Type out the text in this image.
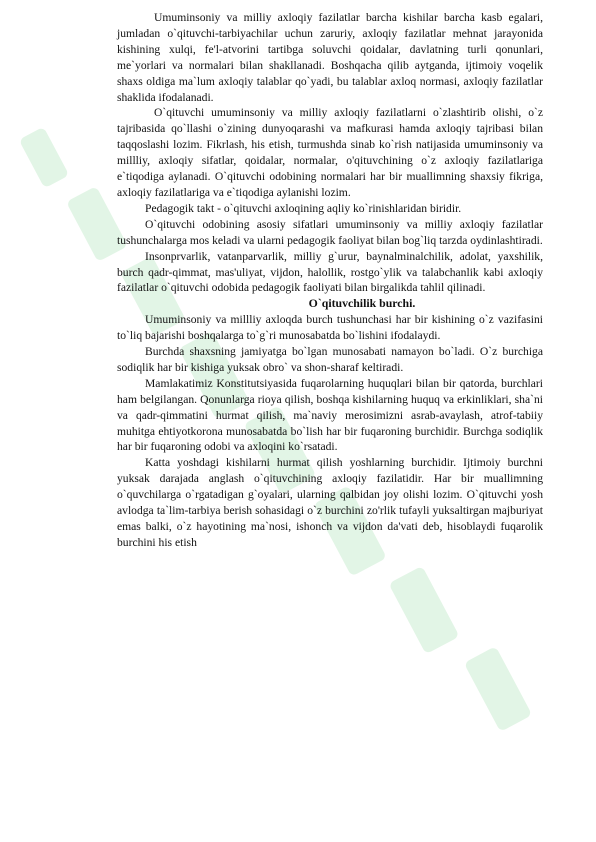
Umuminsoniy va milliy axloqiy fazilatlar barcha kishilar barcha kasb egalari, jumladan o`qituvchi-tarbiyachilar uchun zaruriy, axloqiy fazilatlar mehnat jarayonida kishining xulqi, fe'l-atvorini tartibga soluvchi qoidalar, davlatning turli qonunlari, me`yorlari va normalari bilan shakllanadi. Boshqacha qilib aytganda, ijtimoiy voqelik shaxs oldiga ma`lum axloqiy talablar qo`yadi, bu talablar axloq normasi, axloqiy fazilatlar shaklida ifodalanadi.

O`qituvchi umuminsoniy va milliy axloqiy fazilatlarni o`zlashtirib olishi, o`z tajribasida qo`llashi o`zining dunyoqarashi va mafkurasi hamda axloqiy tajribasi bilan taqqoslashi lozim. Fikrlash, his etish, turmushda sinab ko`rish natijasida umuminsoniy va millliy, axloqiy sifatlar, qoidalar, normalar, o'qituvchining o`z axloqiy fazilatlariga e`tiqodiga aylanadi. O`qituvchi odobining normalari har bir muallimning shaxsiy fikriga, axloqiy fazilatlariga va e`tiqodiga aylanishi lozim.

Pedagogik takt - o`qituvchi axloqining aqliy ko`rinishlaridan biridir.

O`qituvchi odobining asosiy sifatlari umuminsoniy va milliy axloqiy fazilatlar tushunchalarga mos keladi va ularni pedagogik faoliyat bilan bog`liq tarzda oydinlashtiradi.

Insonprvarlik, vatanparvarlik, milliy g`urur, baynalminalchilik, adolat, yaxshilik, burch qadr-qimmat, mas'uliyat, vijdon, halollik, rostgo`ylik va talabchanlik kabi axloqiy fazilatlar o`qituvchi odobida pedagogik faoliyati bilan birgalikda tahlil qilinadi.

O`qituvchilik burchi.

Umuminsoniy va millliy axloqda burch tushunchasi har bir kishining o`z vazifasini to`liq bajarishi boshqalarga to`g`ri munosabatda bo`lishini ifodalaydi.

Burchda shaxsning jamiyatga bo`lgan munosabati namayon bo`ladi. O`z burchiga sodiqlik har bir kishiga yuksak obro` va shon-sharaf keltiradi.

Mamlakatimiz Konstitutsiyasida fuqarolarning huquqlari bilan bir qatorda, burchlari ham belgilangan. Qonunlarga rioya qilish, boshqa kishilarning huquq va erkinliklari, sha`ni va qadr-qimmatini hurmat qilish, ma`naviy merosimizni asrab-avaylash, atrof-tabiiy muhitga ehtiyotkorona munosabatda bo`lish har bir fuqaroning burchidir. Burchga sodiqlik har bir fuqaroning odobi va axloqini ko`rsatadi.

Katta yoshdagi kishilarni hurmat qilish yoshlarning burchidir. Ijtimoiy burchni yuksak darajada anglash o`qituvchining axloqiy fazilatidir. Har bir muallimning o`quvchilarga o`rgatadigan g`oyalari, ularning qalbidan joy olishi lozim. O`qituvchi yosh avlodga ta`lim-tarbiya berish sohasidagi o`z burchini zo'rlik tufayli yuksaltirgan majburiyat emas balki, o`z hayotining ma`nosi, ishonch va vijdon da'vati deb, hisoblaydi fuqarolik burchini his etish
